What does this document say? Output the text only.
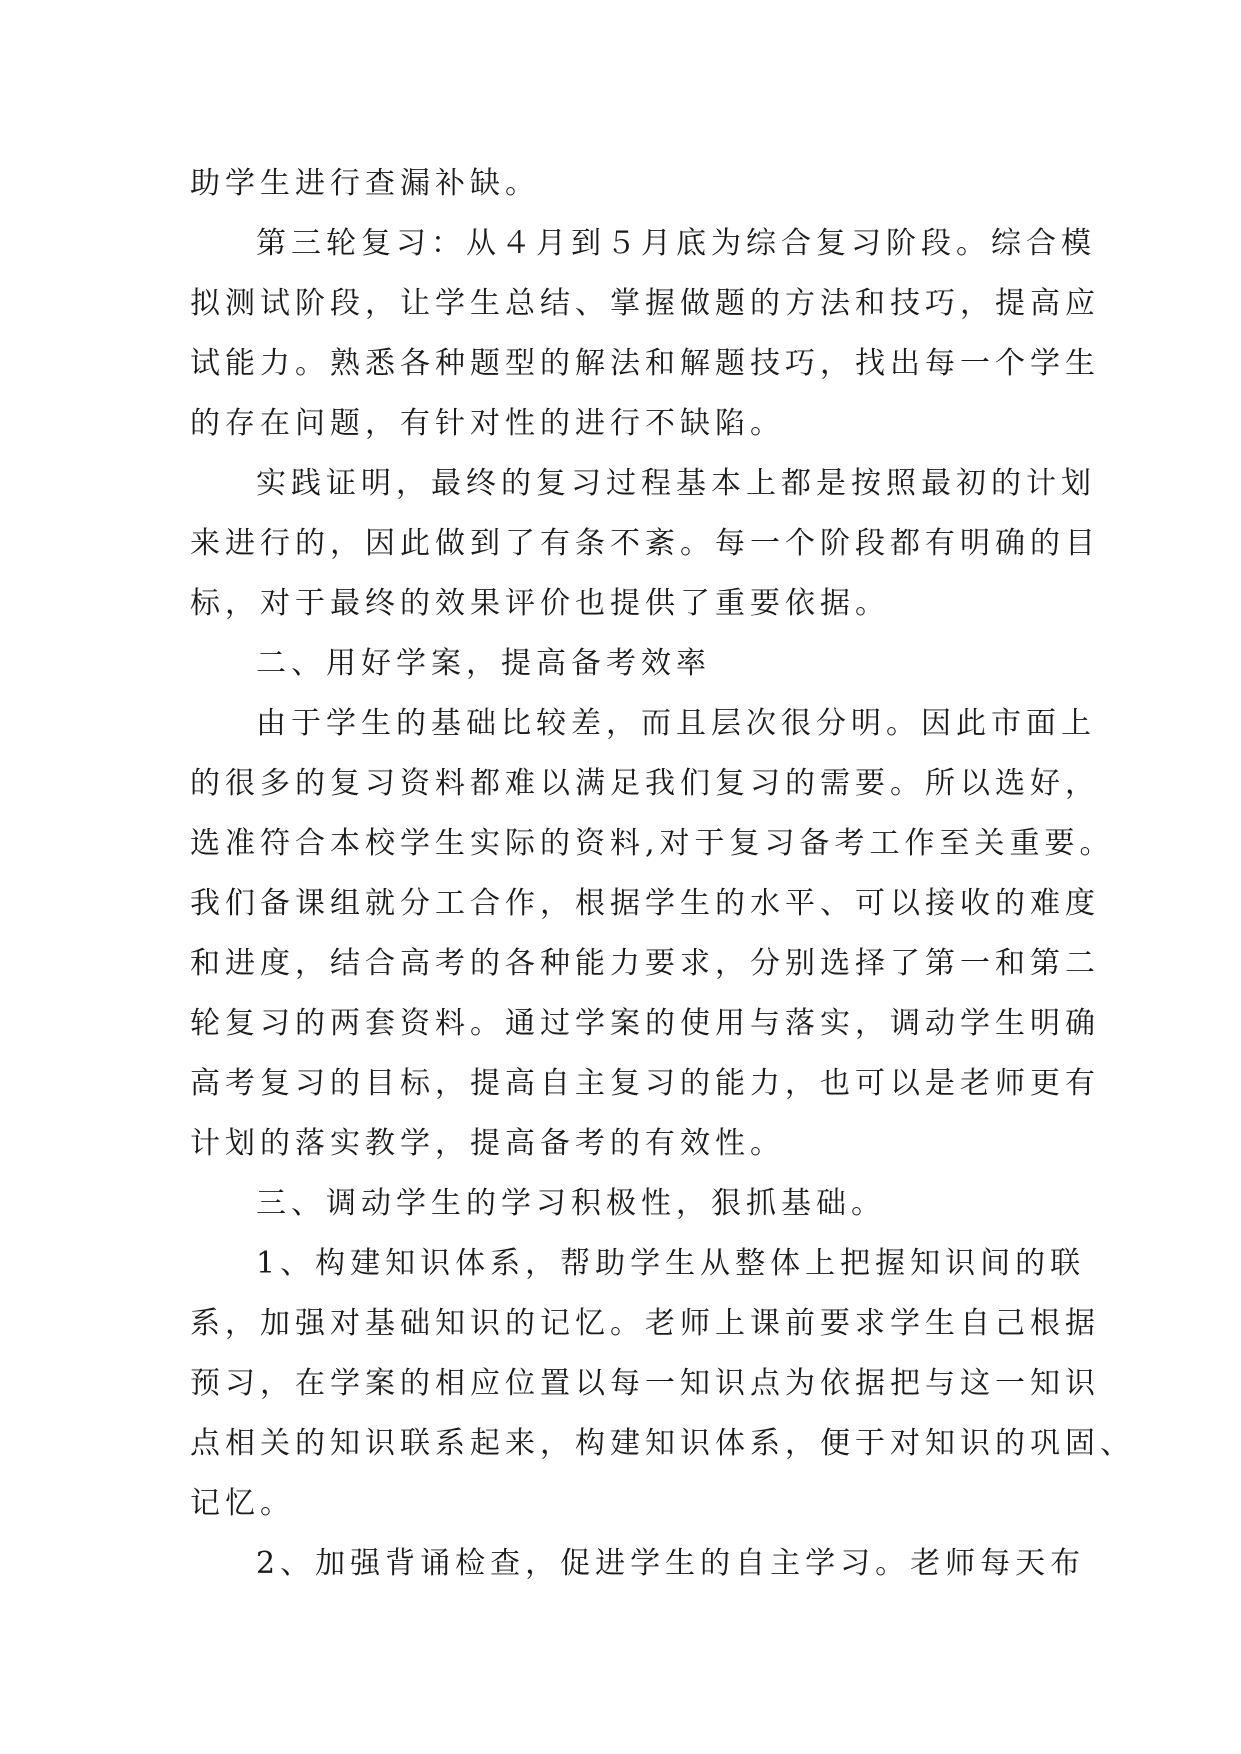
助学生进行查漏补缺。

第三轮复习：从４月到５月底为综合复习阶段。综合模

拟测试阶段，让学生总结、掌握做题的方法和技巧，提高应

试能力。熟悉各种题型的解法和解题技巧，找出每一个学生

的存在问题，有针对性的进行不缺陷。

实践证明，最终的复习过程基本上都是按照最初的计划

来进行的，因此做到了有条不紊。每一个阶段都有明确的目

标，对于最终的效果评价也提供了重要依据。

二、用好学案，提高备考效率

由于学生的基础比较差，而且层次很分明。因此市面上

的很多的复习资料都难以满足我们复习的需要。所以选好，

选准符合本校学生实际的资料,对于复习备考工作至关重要。

我们备课组就分工合作，根据学生的水平、可以接收的难度

和进度，结合高考的各种能力要求，分别选择了第一和第二

轮复习的两套资料。通过学案的使用与落实，调动学生明确

高考复习的目标，提高自主复习的能力，也可以是老师更有

计划的落实教学，提高备考的有效性。

三、调动学生的学习积极性，狠抓基础。

1、构建知识体系，帮助学生从整体上把握知识间的联

系，加强对基础知识的记忆。老师上课前要求学生自己根据

预习，在学案的相应位置以每一知识点为依据把与这一知识

点相关的知识联系起来，构建知识体系，便于对知识的巩固、

记忆。

2、加强背诵检查，促进学生的自主学习。老师每天布
